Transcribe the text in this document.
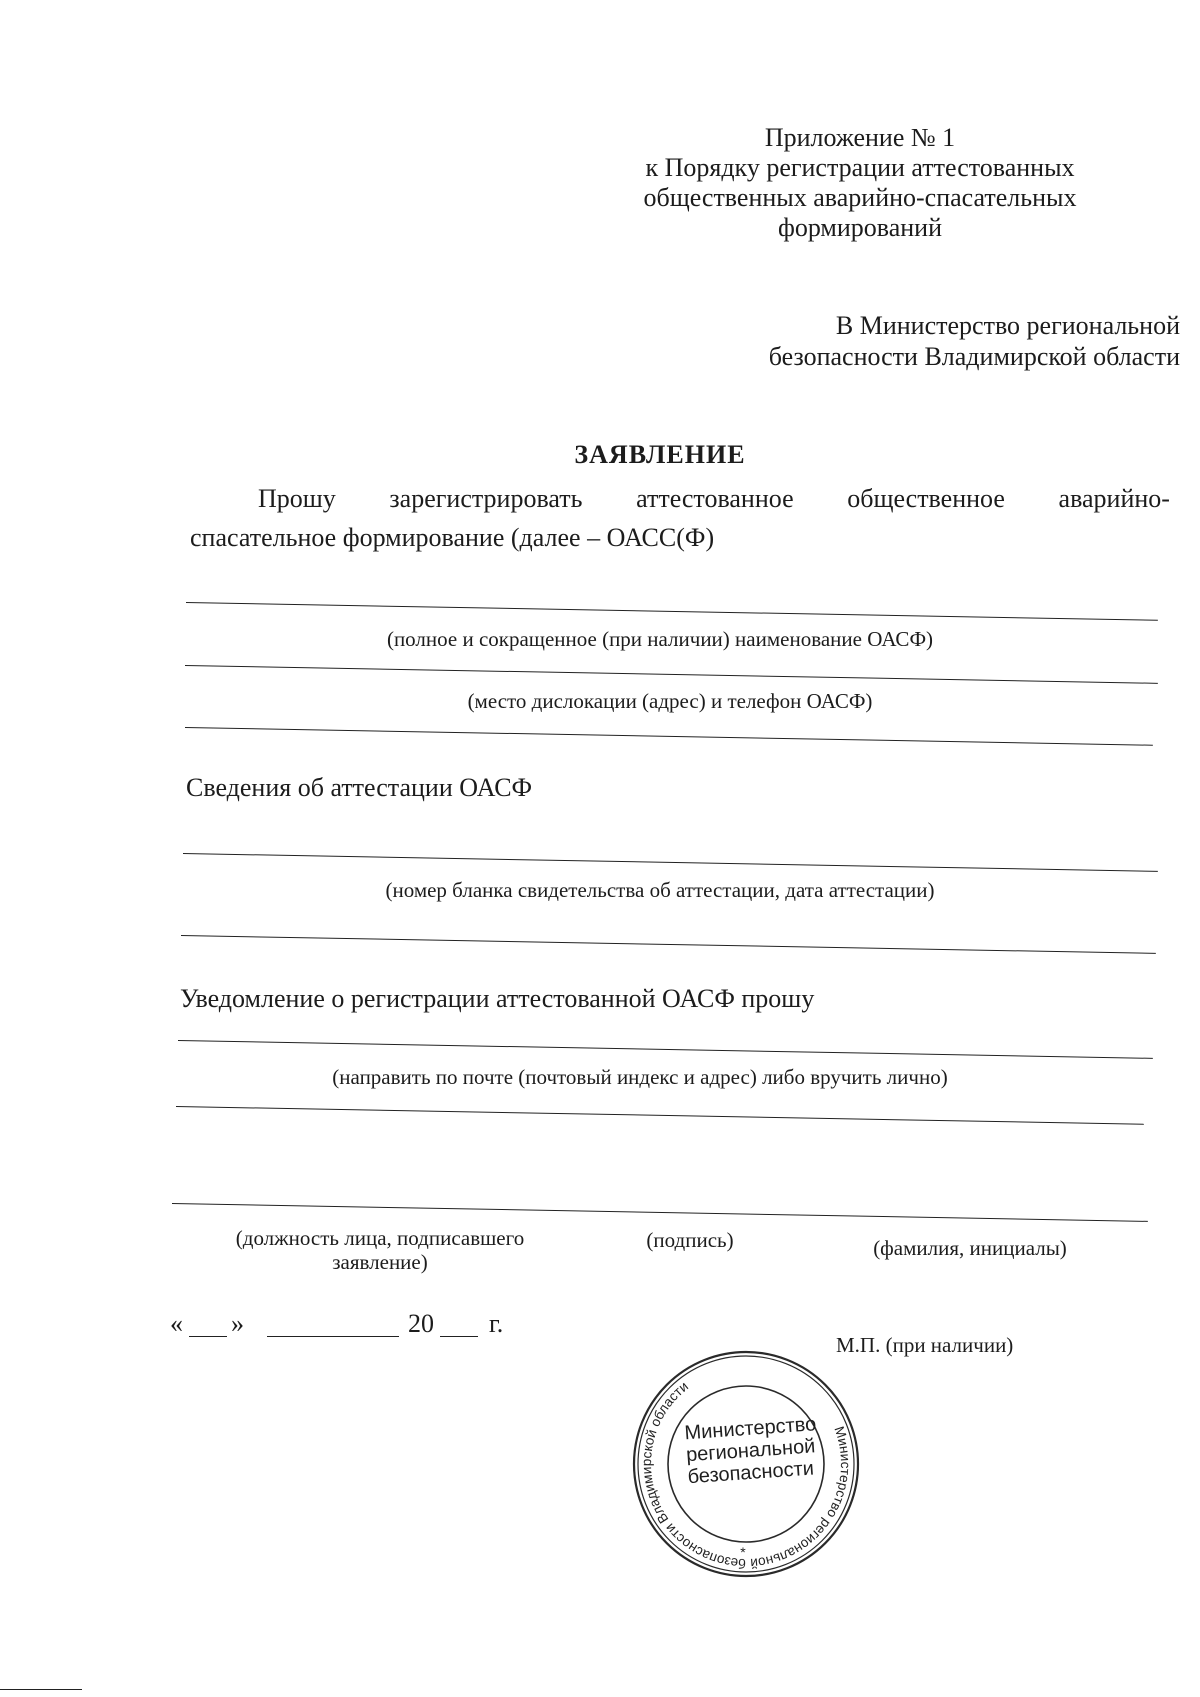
Приложение № 1
к Порядку регистрации аттестованных
общественных аварийно-спасательных
формирований
В Министерство региональной
безопасности Владимирской области
ЗАЯВЛЕНИЕ
Прошу зарегистрировать аттестованное общественное аварийно-
спасательное формирование (далее – ОАСС(Ф)
(полное и сокращенное (при наличии) наименование ОАСФ)
(место дислокации (адрес) и телефон ОАСФ)
Сведения об аттестации ОАСФ
(номер бланка свидетельства об аттестации, дата аттестации)
Уведомление о регистрации аттестованной ОАСФ прошу
(направить по почте (почтовый индекс и адрес) либо вручить лично)
(должность лица, подписавшего
заявление)
(подпись)	(фамилия, инициалы)
« »	20 г.
М.П. (при наличии)
Министерство региональной безопасности Владимирской области
*
Министерство
региональной
безопасности
